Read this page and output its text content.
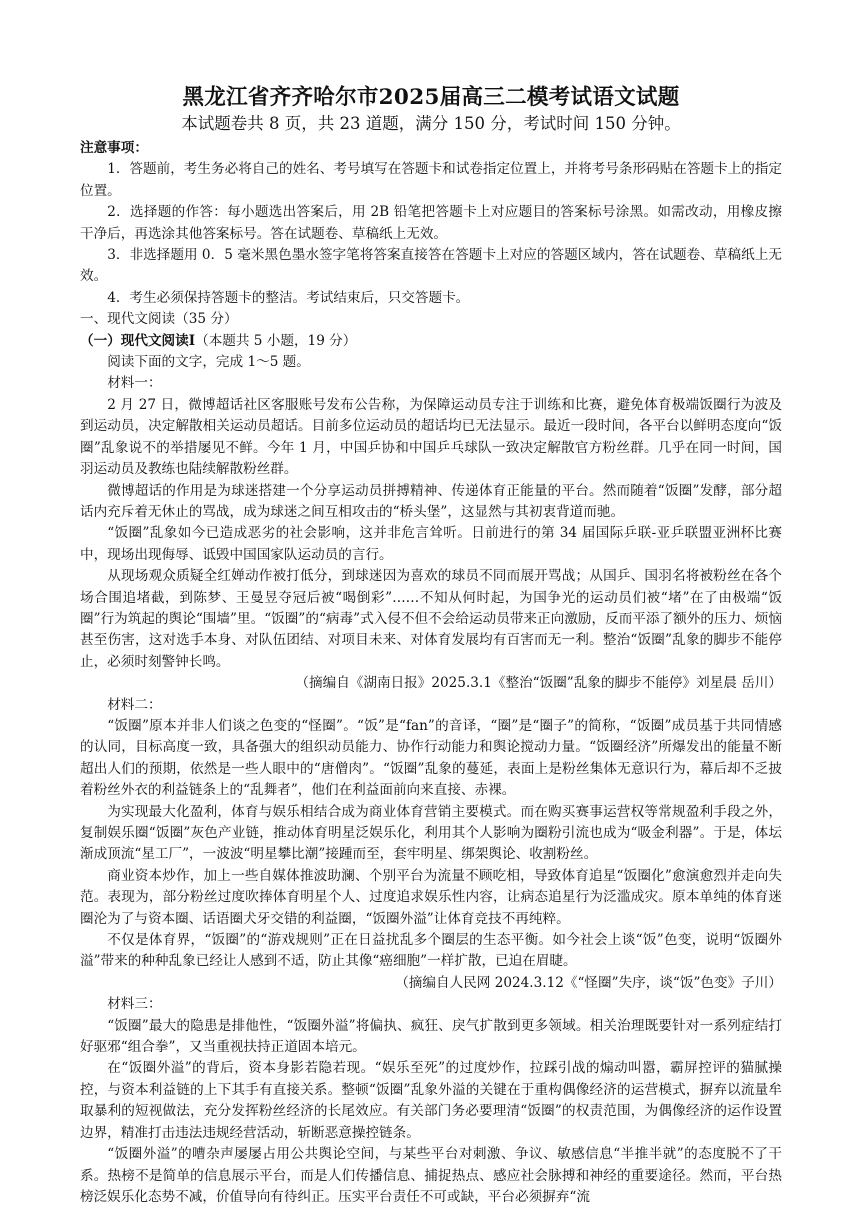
黑龙江省齐齐哈尔市2025届高三二模考试语文试题

本试题卷共 8 页，共 23 道题，满分 150 分，考试时间 150 分钟。

注意事项：

1．答题前，考生务必将自己的姓名、考号填写在答题卡和试卷指定位置上，并将考号条形码贴在答题卡上的指定位置。

2．选择题的作答：每小题选出答案后，用 2B 铅笔把答题卡上对应题目的答案标号涂黑。如需改动，用橡皮擦干净后，再选涂其他答案标号。答在试题卷、草稿纸上无效。

3．非选择题用 0．5 毫米黑色墨水签字笔将答案直接答在答题卡上对应的答题区域内，答在试题卷、草稿纸上无效。

4．考生必须保持答题卡的整洁。考试结束后，只交答题卡。

一、现代文阅读（35 分）

（一）现代文阅读Ⅰ（本题共 5 小题，19 分）

阅读下面的文字，完成 1～5 题。

材料一：

2 月 27 日，微博超话社区客服账号发布公告称，为保障运动员专注于训练和比赛，避免体育极端饭圈行为波及到运动员，决定解散相关运动员超话。目前多位运动员的超话均已无法显示。最近一段时间，各平台以鲜明态度向“饭圈”乱象说不的举措屡见不鲜。今年 1 月，中国乒协和中国乒乓球队一致决定解散官方粉丝群。几乎在同一时间，国羽运动员及教练也陆续解散粉丝群。

微博超话的作用是为球迷搭建一个分享运动员拼搏精神、传递体育正能量的平台。然而随着“饭圈”发酵，部分超话内充斥着无休止的骂战，成为球迷之间互相攻击的“桥头堡”，这显然与其初衷背道而驰。

“饭圈”乱象如今已造成恶劣的社会影响，这并非危言耸听。日前进行的第 34 届国际乒联-亚乒联盟亚洲杯比赛中，现场出现侮辱、诋毁中国国家队运动员的言行。

从现场观众质疑全红婵动作被打低分，到球迷因为喜欢的球员不同而展开骂战；从国乒、国羽名将被粉丝在各个场合围追堵截，到陈梦、王曼昱夺冠后被“喝倒彩”……不知从何时起，为国争光的运动员们被“堵”在了由极端“饭圈”行为筑起的舆论“围墙”里。“饭圈”的“病毒”式入侵不但不会给运动员带来正向激励，反而平添了额外的压力、烦恼甚至伤害，这对选手本身、对队伍团结、对项目未来、对体育发展均有百害而无一利。整治“饭圈”乱象的脚步不能停止，必须时刻警钟长鸣。

（摘编自《湖南日报》2025.3.1《整治“饭圈”乱象的脚步不能停》刘星晨 岳川）

材料二：

“饭圈”原本并非人们谈之色变的“怪圈”。“饭”是“fan”的音译，“圈”是“圈子”的简称，“饭圈”成员基于共同情感的认同，目标高度一致，具备强大的组织动员能力、协作行动能力和舆论搅动力量。“饭圈经济”所爆发出的能量不断超出人们的预期，依然是一些人眼中的“唐僧肉”。“饭圈”乱象的蔓延，表面上是粉丝集体无意识行为，幕后却不乏披着粉丝外衣的利益链条上的“乱舞者”，他们在利益面前向来直接、赤裸。

为实现最大化盈利，体育与娱乐相结合成为商业体育营销主要模式。而在购买赛事运营权等常规盈利手段之外，复制娱乐圈“饭圈”灰色产业链，推动体育明星泛娱乐化，利用其个人影响为圈粉引流也成为“吸金利器”。于是，体坛渐成顶流“星工厂”，一波波“明星攀比潮”接踵而至，套牢明星、绑架舆论、收割粉丝。

商业资本炒作，加上一些自媒体推波助澜、个别平台为流量不顾吃相，导致体育追星“饭圈化”愈演愈烈并走向失范。表现为，部分粉丝过度吹捧体育明星个人、过度追求娱乐性内容，让病态追星行为泛滥成灾。原本单纯的体育迷圈沦为了与资本圈、话语圈犬牙交错的利益圈，“饭圈外溢”让体育竞技不再纯粹。

不仅是体育界，“饭圈”的“游戏规则”正在日益扰乱多个圈层的生态平衡。如今社会上谈“饭”色变，说明“饭圈外溢”带来的种种乱象已经让人感到不适，防止其像“癌细胞”一样扩散，已迫在眉睫。

（摘编自人民网 2024.3.12《“怪圈”失序，谈“饭”色变》子川）

材料三：

“饭圈”最大的隐患是排他性，“饭圈外溢”将偏执、疯狂、戾气扩散到更多领域。相关治理既要针对一系列症结打好驱邪“组合拳”，又当重视扶持正道固本培元。

在“饭圈外溢”的背后，资本身影若隐若现。“娱乐至死”的过度炒作，拉踩引战的煽动叫嚣，霸屏控评的猫腻操控，与资本利益链的上下其手有直接关系。整顿“饭圈”乱象外溢的关键在于重构偶像经济的运营模式，摒弃以流量牟取暴利的短视做法，充分发挥粉丝经济的长尾效应。有关部门务必要理清“饭圈”的权责范围，为偶像经济的运作设置边界，精准打击违法违规经营活动，斩断恶意操控链条。

“饭圈外溢”的嘈杂声屡屡占用公共舆论空间，与某些平台对刺激、争议、敏感信息“半推半就”的态度脱不了干系。热榜不是简单的信息展示平台，而是人们传播信息、捕捉热点、感应社会脉搏和神经的重要途径。然而，平台热榜泛娱乐化态势不减，价值导向有待纠正。压实平台责任不可或缺，平台必须摒弃“流
